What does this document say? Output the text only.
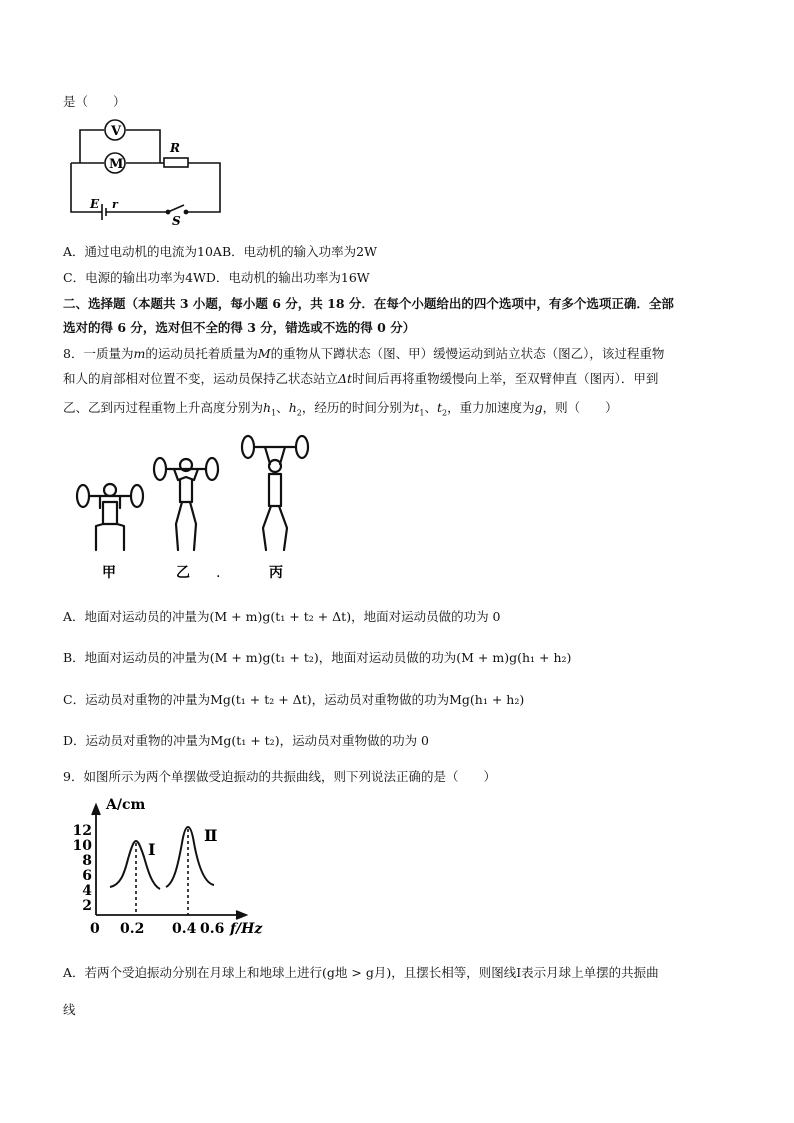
是（　　）
V
M
R
E r
S
A．通过电动机的电流为10AB．电动机的输入功率为2W
C．电源的输出功率为4WD．电动机的输出功率为16W
二、选择题（本题共 3 小题，每小题 6 分，共 18 分．在每个小题给出的四个选项中，有多个选项正确．全部
选对的得 6 分，选对但不全的得 3 分，错选或不选的得 0 分）
8．一质量为m的运动员托着质量为M的重物从下蹲状态（图、甲）缓慢运动到站立状态（图乙），该过程重物
和人的肩部相对位置不变，运动员保持乙状态站立Δt时间后再将重物缓慢向上举，至双臂伸直（图丙）．甲到
乙、乙到丙过程重物上升高度分别为$h_1$、$h_2$，经历的时间分别为$t_1$、$t_2$，重力加速度为g，则（　　）
甲	乙 .	丙
A．地面对运动员的冲量为(M + m)g(t₁ + t₂ + Δt)，地面对运动员做的功为 0
B．地面对运动员的冲量为(M + m)g(t₁ + t₂)，地面对运动员做的功为(M + m)g(h₁ + h₂)
C．运动员对重物的冲量为Mg(t₁ + t₂ + Δt)，运动员对重物做的功为Mg(h₁ + h₂)
D．运动员对重物的冲量为Mg(t₁ + t₂)，运动员对重物做的功为 0
9．如图所示为两个单摆做受迫振动的共振曲线，则下列说法正确的是（　　）
A/cm
12
10
8
6
4
2
0 0.2 0.4 0.6 f/Hz
Ⅰ
Ⅱ
A．若两个受迫振动分别在月球上和地球上进行(g地 > g月)，且摆长相等，则图线Ⅰ表示月球上单摆的共振曲
线
